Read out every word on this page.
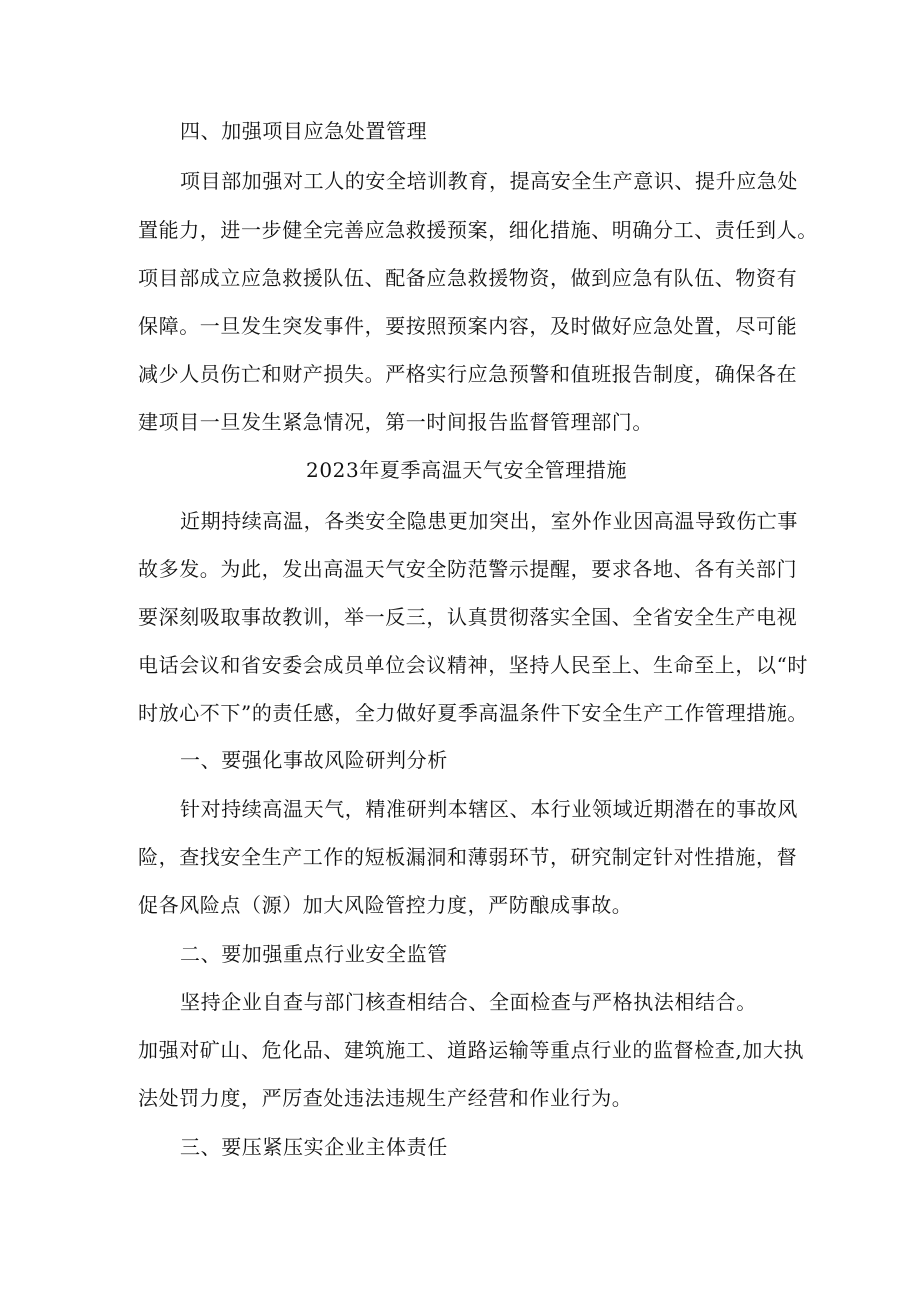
四、加强项目应急处置管理
项目部加强对工人的安全培训教育，提高安全生产意识、提升应急处
置能力，进一步健全完善应急救援预案，细化措施、明确分工、责任到人。
项目部成立应急救援队伍、配备应急救援物资，做到应急有队伍、物资有
保障。一旦发生突发事件，要按照预案内容，及时做好应急处置，尽可能
减少人员伤亡和财产损失。严格实行应急预警和值班报告制度，确保各在
建项目一旦发生紧急情况，第一时间报告监督管理部门。
2023年夏季高温天气安全管理措施
近期持续高温，各类安全隐患更加突出，室外作业因高温导致伤亡事
故多发。为此，发出高温天气安全防范警示提醒，要求各地、各有关部门
要深刻吸取事故教训，举一反三，认真贯彻落实全国、全省安全生产电视
电话会议和省安委会成员单位会议精神，坚持人民至上、生命至上，以“时
时放心不下”的责任感，全力做好夏季高温条件下安全生产工作管理措施。
一、要强化事故风险研判分析
针对持续高温天气，精准研判本辖区、本行业领域近期潜在的事故风
险，查找安全生产工作的短板漏洞和薄弱环节，研究制定针对性措施，督
促各风险点（源）加大风险管控力度，严防酿成事故。
二、要加强重点行业安全监管
坚持企业自查与部门核查相结合、全面检查与严格执法相结合。
加强对矿山、危化品、建筑施工、道路运输等重点行业的监督检查,加大执
法处罚力度，严厉查处违法违规生产经营和作业行为。
三、要压紧压实企业主体责任
